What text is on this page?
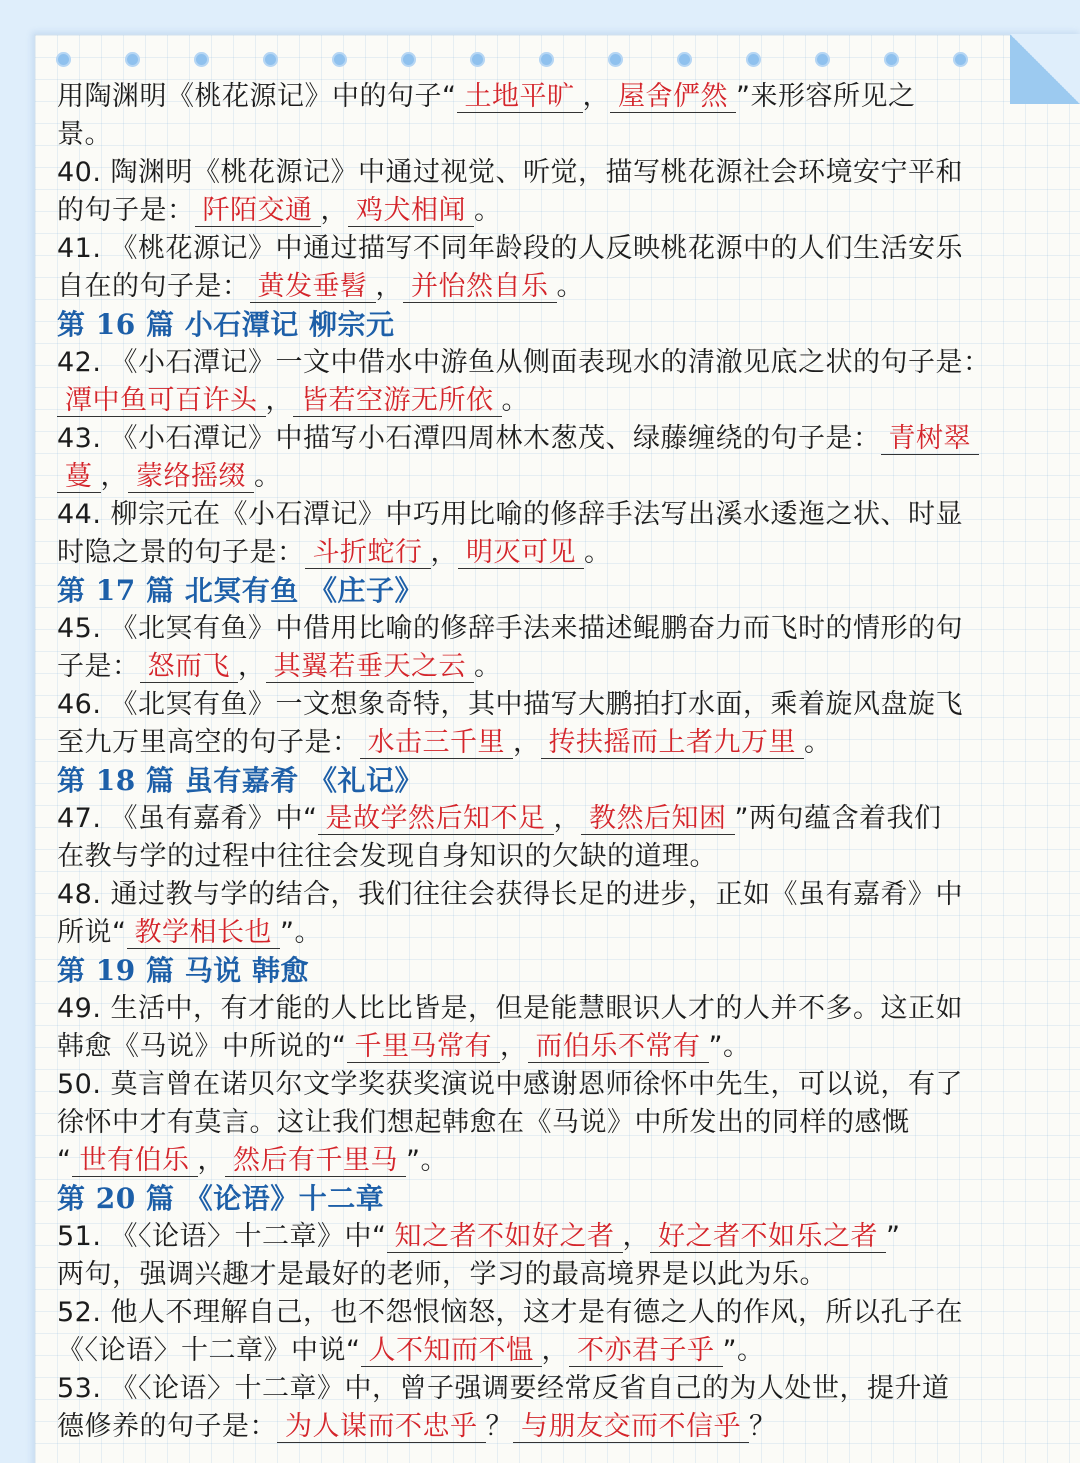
用陶渊明《桃花源记》中的句子“ 土地平旷 ， 屋舍俨然 ”来形容所见之
景。
40. 陶渊明《桃花源记》中通过视觉、听觉，描写桃花源社会环境安宁平和
的句子是： 阡陌交通 ， 鸡犬相闻 。
41. 《桃花源记》中通过描写不同年龄段的人反映桃花源中的人们生活安乐
自在的句子是： 黄发垂髫 ， 并怡然自乐 。
第 16 篇 小石潭记 柳宗元
42. 《小石潭记》一文中借水中游鱼从侧面表现水的清澈见底之状的句子是：
潭中鱼可百许头 ， 皆若空游无所依 。
43. 《小石潭记》中描写小石潭四周林木葱茂、绿藤缠绕的句子是： 青树翠
蔓 ， 蒙络摇缀 。
44. 柳宗元在《小石潭记》中巧用比喻的修辞手法写出溪水逶迤之状、时显
时隐之景的句子是： 斗折蛇行 ， 明灭可见 。
第 17 篇 北冥有鱼 《庄子》
45. 《北冥有鱼》中借用比喻的修辞手法来描述鲲鹏奋力而飞时的情形的句
子是： 怒而飞 ， 其翼若垂天之云 。
46. 《北冥有鱼》一文想象奇特，其中描写大鹏拍打水面，乘着旋风盘旋飞
至九万里高空的句子是： 水击三千里 ， 抟扶摇而上者九万里 。
第 18 篇 虽有嘉肴 《礼记》
47. 《虽有嘉肴》中“ 是故学然后知不足 ， 教然后知困 ”两句蕴含着我们
在教与学的过程中往往会发现自身知识的欠缺的道理。
48. 通过教与学的结合，我们往往会获得长足的进步，正如《虽有嘉肴》中
所说“ 教学相长也 ”。
第 19 篇 马说 韩愈
49. 生活中，有才能的人比比皆是，但是能慧眼识人才的人并不多。这正如
韩愈《马说》中所说的“ 千里马常有 ， 而伯乐不常有 ”。
50. 莫言曾在诺贝尔文学奖获奖演说中感谢恩师徐怀中先生，可以说，有了
徐怀中才有莫言。这让我们想起韩愈在《马说》中所发出的同样的感慨
“ 世有伯乐 ， 然后有千里马 ”。
第 20 篇 《论语》十二章
51. 《〈论语〉十二章》中“ 知之者不如好之者 ， 好之者不如乐之者 ”
两句，强调兴趣才是最好的老师，学习的最高境界是以此为乐。
52. 他人不理解自己，也不怨恨恼怒，这才是有德之人的作风，所以孔子在
《〈论语〉十二章》中说“ 人不知而不愠 ， 不亦君子乎 ”。
53. 《〈论语〉十二章》中，曾子强调要经常反省自己的为人处世，提升道
德修养的句子是： 为人谋而不忠乎 ？ 与朋友交而不信乎 ？
